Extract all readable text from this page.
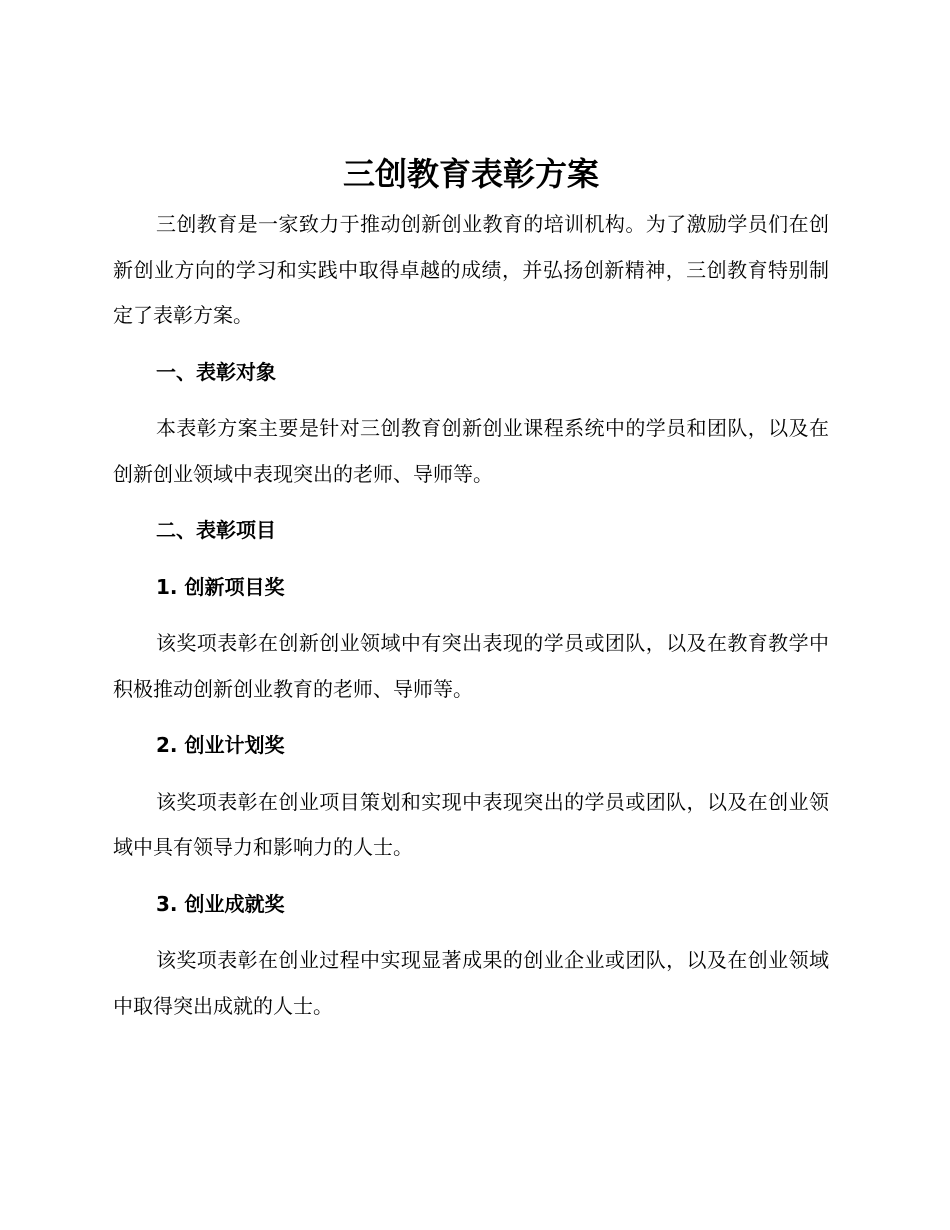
三创教育表彰方案

三创教育是一家致力于推动创新创业教育的培训机构。为了激励学员们在创新创业方向的学习和实践中取得卓越的成绩，并弘扬创新精神，三创教育特别制定了表彰方案。

一、表彰对象

本表彰方案主要是针对三创教育创新创业课程系统中的学员和团队，以及在创新创业领域中表现突出的老师、导师等。

二、表彰项目

1. 创新项目奖

该奖项表彰在创新创业领域中有突出表现的学员或团队，以及在教育教学中积极推动创新创业教育的老师、导师等。

2. 创业计划奖

该奖项表彰在创业项目策划和实现中表现突出的学员或团队，以及在创业领域中具有领导力和影响力的人士。

3. 创业成就奖

该奖项表彰在创业过程中实现显著成果的创业企业或团队，以及在创业领域中取得突出成就的人士。
